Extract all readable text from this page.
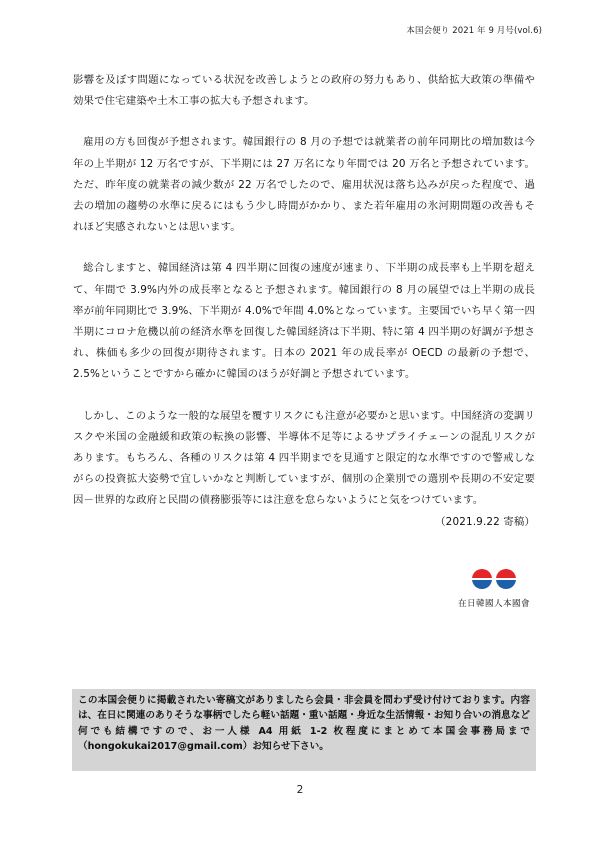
本国会便り 2021 年 9 月号(vol.6)

影響を及ぼす問題になっている状況を改善しようとの政府の努力もあり、供給拡大政策の準備や効果で住宅建築や土木工事の拡大も予想されます。

雇用の方も回復が予想されます。韓国銀行の 8 月の予想では就業者の前年同期比の増加数は今年の上半期が 12 万名ですが、下半期には 27 万名になり年間では 20 万名と予想されています。ただ、昨年度の就業者の減少数が 22 万名でしたので、雇用状況は落ち込みが戻った程度で、過去の増加の趨勢の水準に戻るにはもう少し時間がかかり、また若年雇用の氷河期問題の改善もそれほど実感されないとは思います。

総合しますと、韓国経済は第 4 四半期に回復の速度が速まり、下半期の成長率も上半期を超えて、年間で 3.9%内外の成長率となると予想されます。韓国銀行の 8 月の展望では上半期の成長率が前年同期比で 3.9%、下半期が 4.0%で年間 4.0%となっています。主要国でいち早く第一四半期にコロナ危機以前の経済水準を回復した韓国経済は下半期、特に第 4 四半期の好調が予想され、株価も多少の回復が期待されます。日本の 2021 年の成長率が OECD の最新の予想で、2.5%ということですから確かに韓国のほうが好調と予想されています。

しかし、このような一般的な展望を覆すリスクにも注意が必要かと思います。中国経済の変調リスクや米国の金融緩和政策の転換の影響、半導体不足等によるサプライチェーンの混乱リスクがあります。もちろん、各種のリスクは第 4 四半期までを見通すと限定的な水準ですので警戒しながらの投資拡大姿勢で宜しいかなと判断していますが、個別の企業別での選別や長期の不安定要因－世界的な政府と民間の債務膨張等には注意を怠らないようにと気をつけています。
（2021.9.22 寄稿）

在日韓國人本國會
この本国会便りに掲載されたい寄稿文がありましたら会員・非会員を問わず受け付けております。内容は、在日に関連のありそうな事柄でしたら軽い話題・重い話題・身近な生活情報・お知り合いの消息など何でも結構ですので、お一人様 A4 用紙 1-2 枚程度にまとめて本国会事務局まで（hongokukai2017@gmail.com）お知らせ下さい。
2
